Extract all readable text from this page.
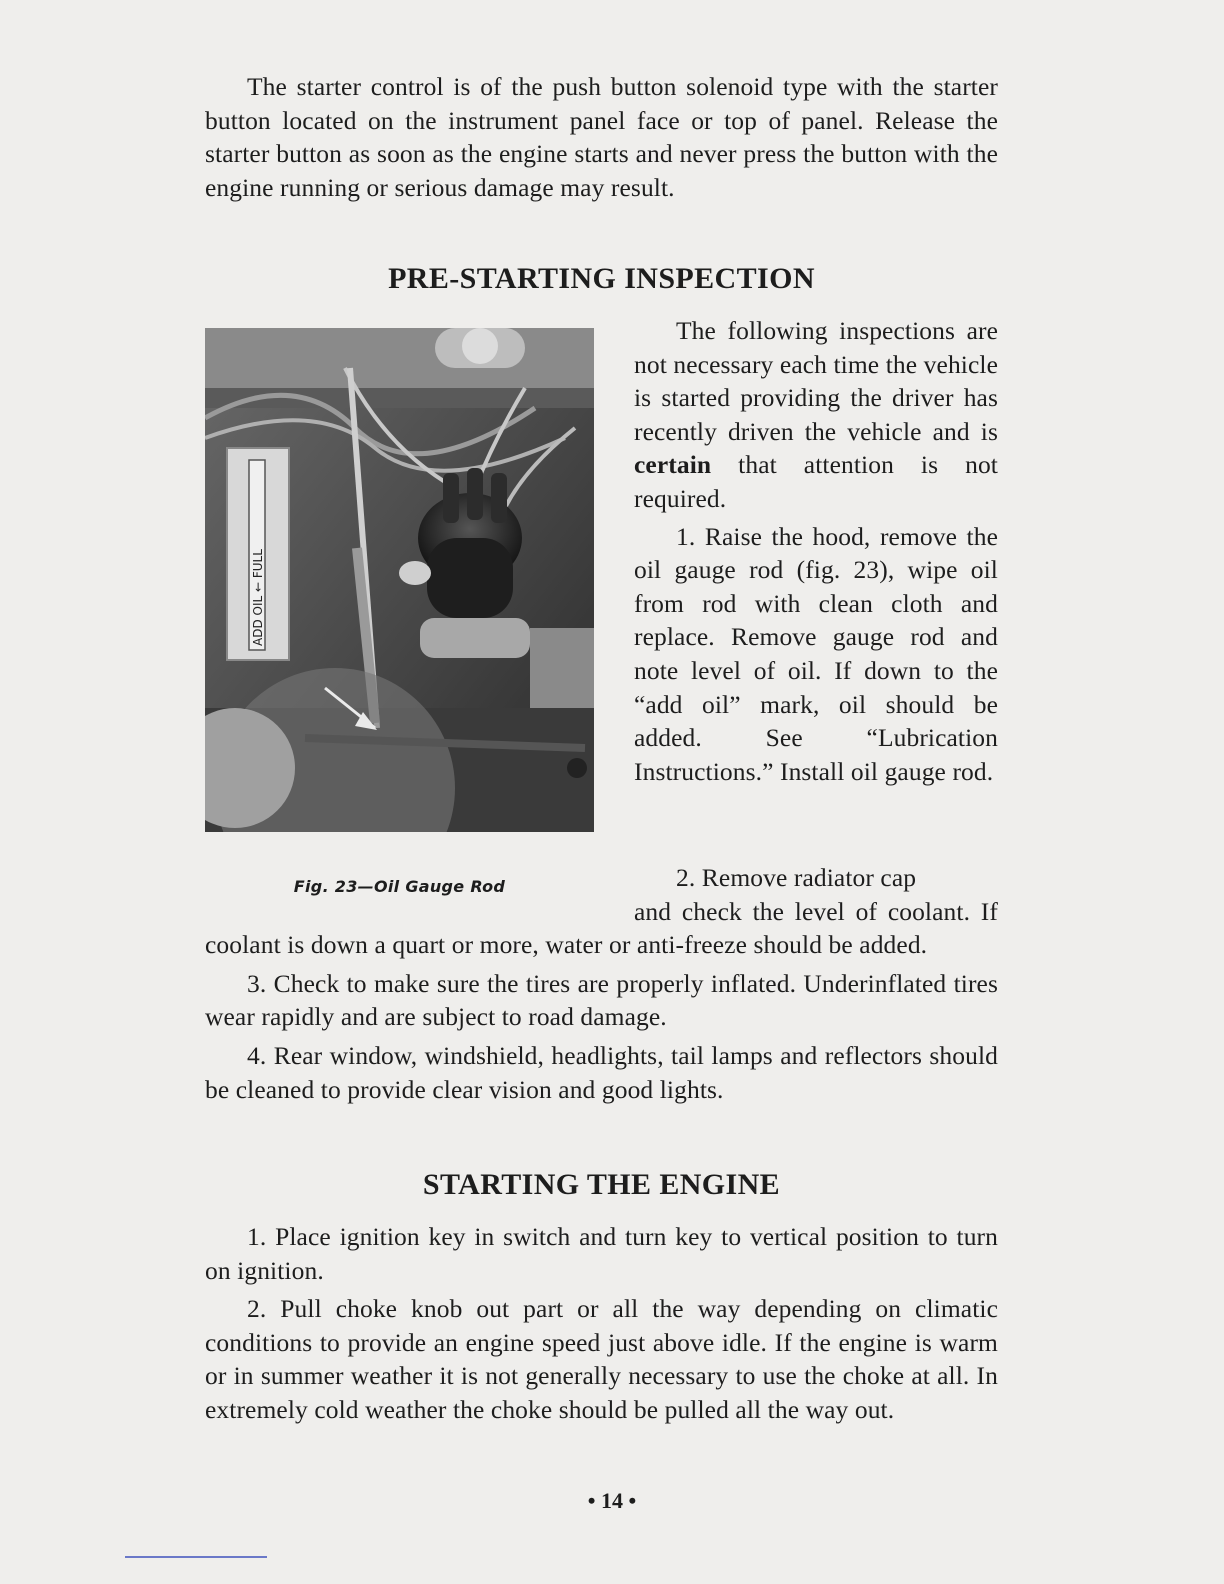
The starter control is of the push button solenoid type with the starter button located on the instrument panel face or top of panel. Release the starter button as soon as the engine starts and never press the button with the engine running or serious damage may result.

PRE-STARTING INSPECTION
ADD OIL ← FULL
Fig. 23—Oil Gauge Rod

The following inspections are not necessary each time the vehicle is started providing the driver has recently driven the vehicle and is certain that attention is not required.

1. Raise the hood, remove the oil gauge rod (fig. 23), wipe oil from rod with clean cloth and replace. Remove gauge rod and note level of oil. If down to the “add oil” mark, oil should be added. See “Lubrication Instructions.” Install oil gauge rod.

2. Remove radiator cap

and check the level of coolant. If coolant is down a quart or more, water or anti-freeze should be added.

3. Check to make sure the tires are properly inflated. Underinflated tires wear rapidly and are subject to road damage.

4. Rear window, windshield, headlights, tail lamps and reflectors should be cleaned to provide clear vision and good lights.

STARTING THE ENGINE

1. Place ignition key in switch and turn key to vertical position to turn on ignition.

2. Pull choke knob out part or all the way depending on climatic conditions to provide an engine speed just above idle. If the engine is warm or in summer weather it is not generally necessary to use the choke at all. In extremely cold weather the choke should be pulled all the way out.

• 14 •
